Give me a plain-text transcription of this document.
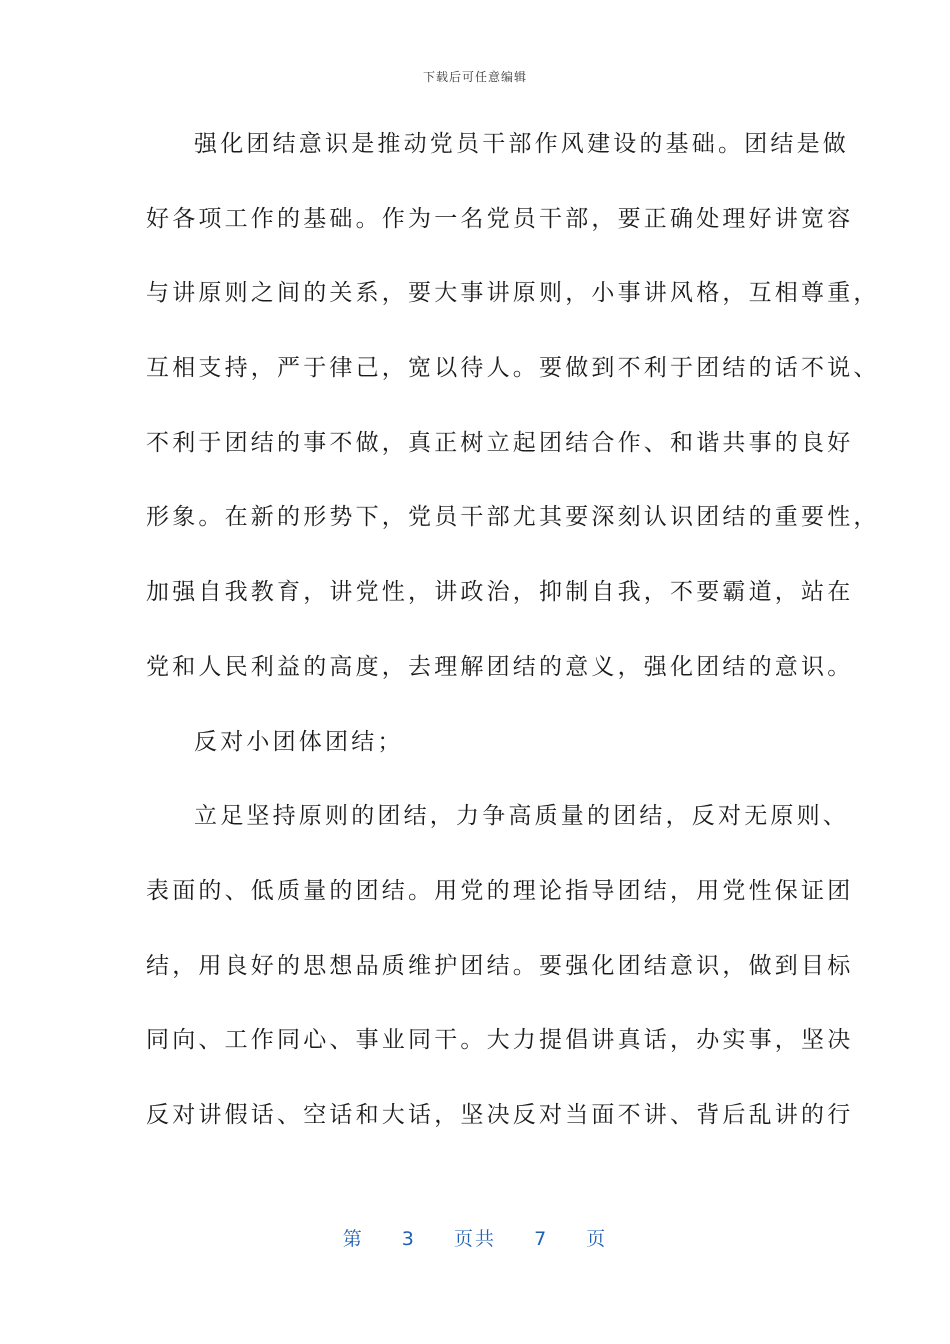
下载后可任意编辑
强化团结意识是推动党员干部作风建设的基础。团结是做
好各项工作的基础。作为一名党员干部，要正确处理好讲宽容
与讲原则之间的关系，要大事讲原则，小事讲风格，互相尊重，
互相支持，严于律己，宽以待人。要做到不利于团结的话不说、
不利于团结的事不做，真正树立起团结合作、和谐共事的良好
形象。在新的形势下，党员干部尤其要深刻认识团结的重要性，
加强自我教育，讲党性，讲政治，抑制自我，不要霸道，站在
党和人民利益的高度，去理解团结的意义，强化团结的意识。
反对小团体团结；
立足坚持原则的团结，力争高质量的团结，反对无原则、
表面的、低质量的团结。用党的理论指导团结，用党性保证团
结，用良好的思想品质维护团结。要强化团结意识，做到目标
同向、工作同心、事业同干。大力提倡讲真话，办实事，坚决
反对讲假话、空话和大话，坚决反对当面不讲、背后乱讲的行
第 3 页共 7 页
